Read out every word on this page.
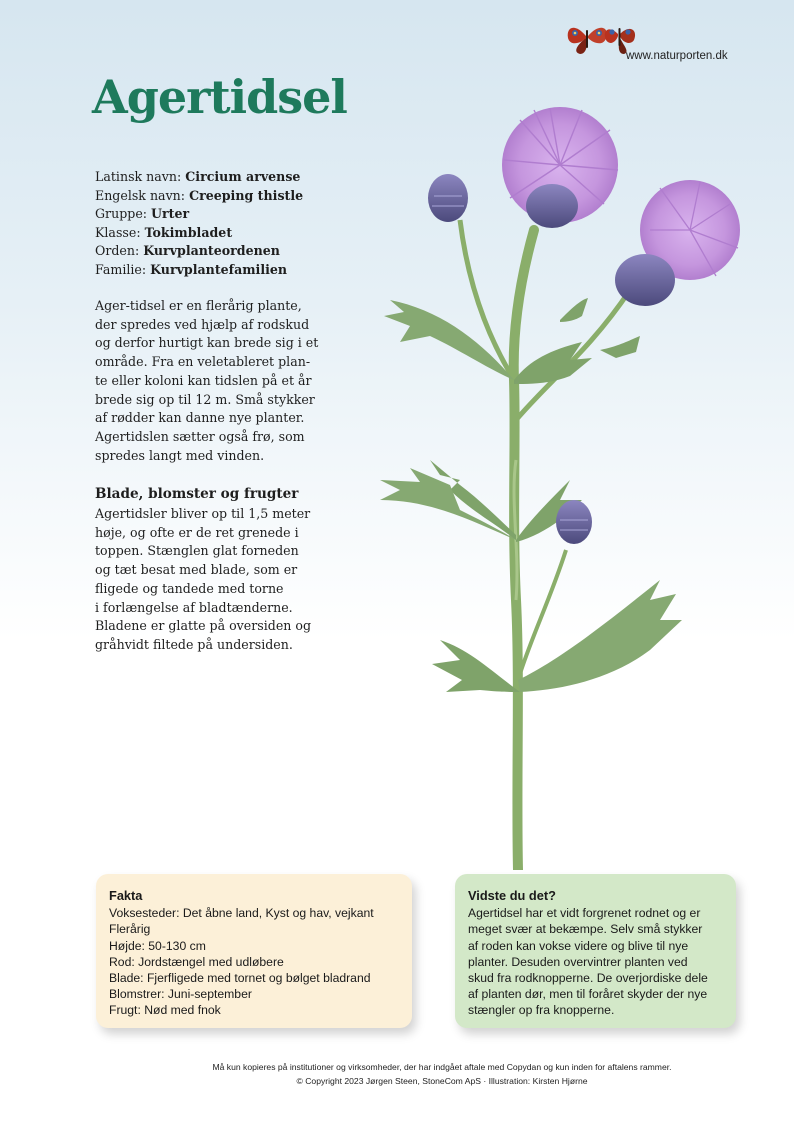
www.naturporten.dk
Agertidsel
Latinsk navn: Circium arvense
Engelsk navn: Creeping thistle
Gruppe: Urter
Klasse: Tokimbladet
Orden: Kurvplanteordenen
Familie: Kurvplantefamilien
Ager-tidsel er en flerårig plante,
der spredes ved hjælp af rodskud
og derfor hurtigt kan brede sig i et
område. Fra en veletableret plan-
te eller koloni kan tidslen på et år
brede sig op til 12 m. Små stykker
af rødder kan danne nye planter.
Agertidslen sætter også frø, som
spredes langt med vinden.
Blade, blomster og frugter
Agertidsler bliver op til 1,5 meter
høje, og ofte er de ret grenede i
toppen. Stænglen glat forneden
og tæt besat med blade, som er
fligede og tandede med torne
i forlængelse af bladtænderne.
Bladene er glatte på oversiden og
gråhvidt filtede på undersiden.
Fakta
Voksesteder: Det åbne land, Kyst og hav, vejkant
Flerårig
Højde: 50-130 cm
Rod: Jordstængel med udløbere
Blade: Fjerfligede med tornet og bølget bladrand
Blomstrer: Juni-september
Frugt: Nød med fnok
Vidste du det?
Agertidsel har et vidt forgrenet rodnet og er
meget svær at bekæmpe. Selv små stykker
af roden kan vokse videre og blive til nye
planter. Desuden overvintrer planten ved
skud fra rodknopperne. De overjordiske dele
af planten dør, men til foråret skyder der nye
stængler op fra knopperne.
Må kun kopieres på institutioner og virksomheder, der har indgået aftale med Copydan og kun inden for aftalens rammer.
© Copyright 2023 Jørgen Steen, StoneCom ApS · Illustration: Kirsten Hjørne
